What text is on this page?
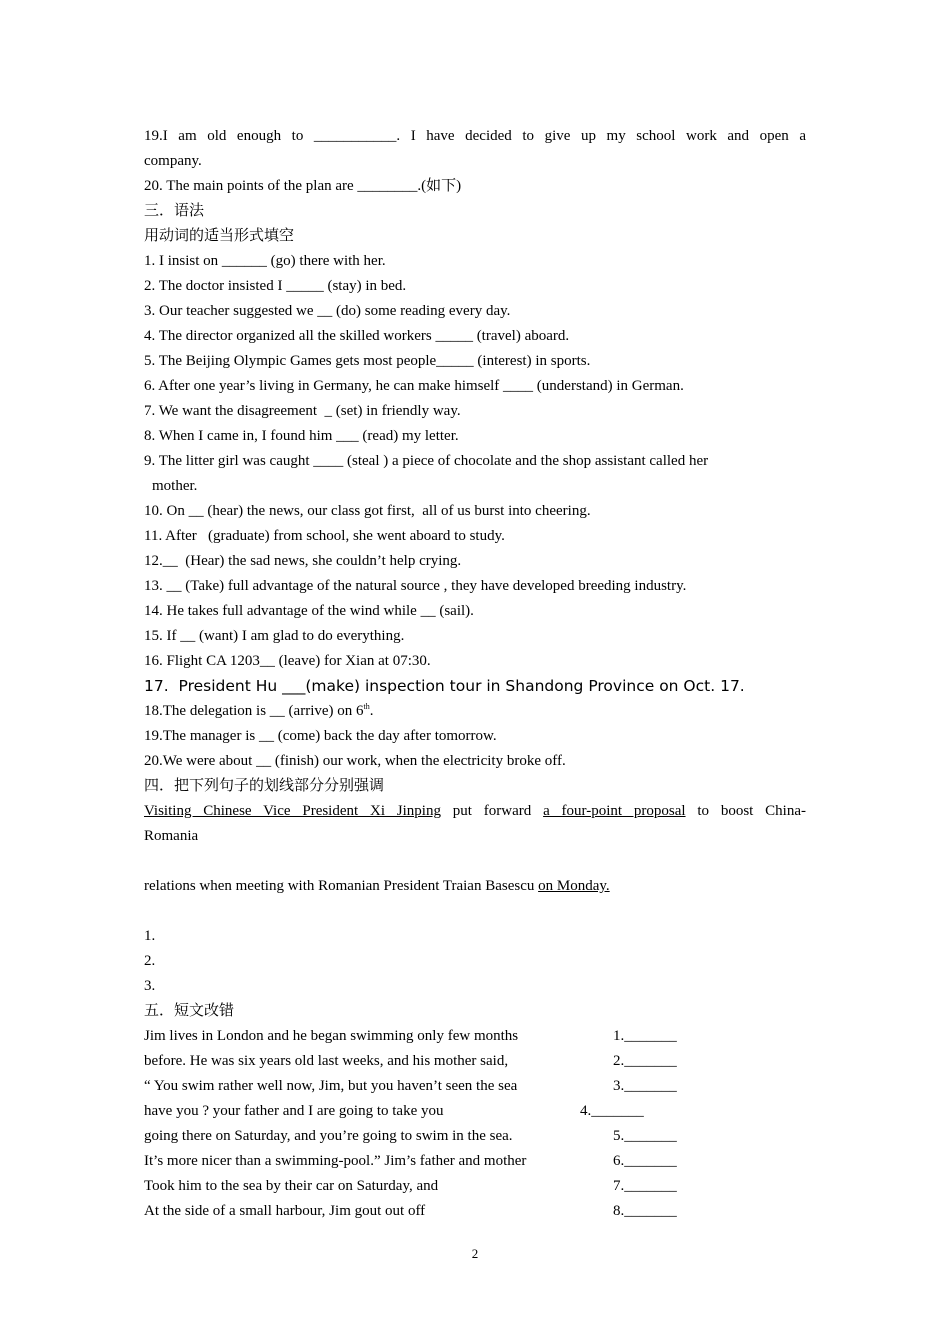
19.I am old enough to ___________. I have decided to give up my school work and open a
company.
20. The main points of the plan are ________.(如下)
三．语法
用动词的适当形式填空
1. I insist on ______ (go) there with her.
2. The doctor insisted I _____ (stay) in bed.
3. Our teacher suggested we __ (do) some reading every day.
4. The director organized all the skilled workers _____ (travel) aboard.
5. The Beijing Olympic Games gets most people_____ (interest) in sports.
6. After one year’s living in Germany, he can make himself ____ (understand) in German.
7. We want the disagreement  _ (set) in friendly way.
8. When I came in, I found him ___ (read) my letter.
9. The litter girl was caught ____ (steal ) a piece of chocolate and the shop assistant called her
mother.
10. On __ (hear) the news, our class got first,  all of us burst into cheering.
11. After   (graduate) from school, she went aboard to study.
12.__  (Hear) the sad news, she couldn’t help crying.
13. __ (Take) full advantage of the natural source , they have developed breeding industry.
14. He takes full advantage of the wind while __ (sail).
15. If __ (want) I am glad to do everything.
16. Flight CA 1203__ (leave) for Xian at 07:30.
17.  President Hu ___(make) inspection tour in Shandong Province on Oct. 17.
18.The delegation is __ (arrive) on 6th.
19.The manager is __ (come) back the day after tomorrow.
20.We were about __ (finish) our work, when the electricity broke off.
四．把下列句子的划线部分分别强调
Visiting Chinese Vice President Xi Jinping put forward a four-point proposal to boost China-
Romania
relations when meeting with Romanian President Traian Basescu on Monday.
1.
2.
3.
五．短文改错
Jim lives in London and he began swimming only few months	1._______
before. He was six years old last weeks, and his mother said,	2._______
“ You swim rather well now, Jim, but you haven’t seen the sea	3._______
have you ? your father and I are going to take you	4._______
going there on Saturday, and you’re going to swim in the sea.	5._______
It’s more nicer than a swimming-pool.” Jim’s father and mother	6._______
Took him to the sea by their car on Saturday, and	7._______
At the side of a small harbour, Jim gout out off	8._______
2
